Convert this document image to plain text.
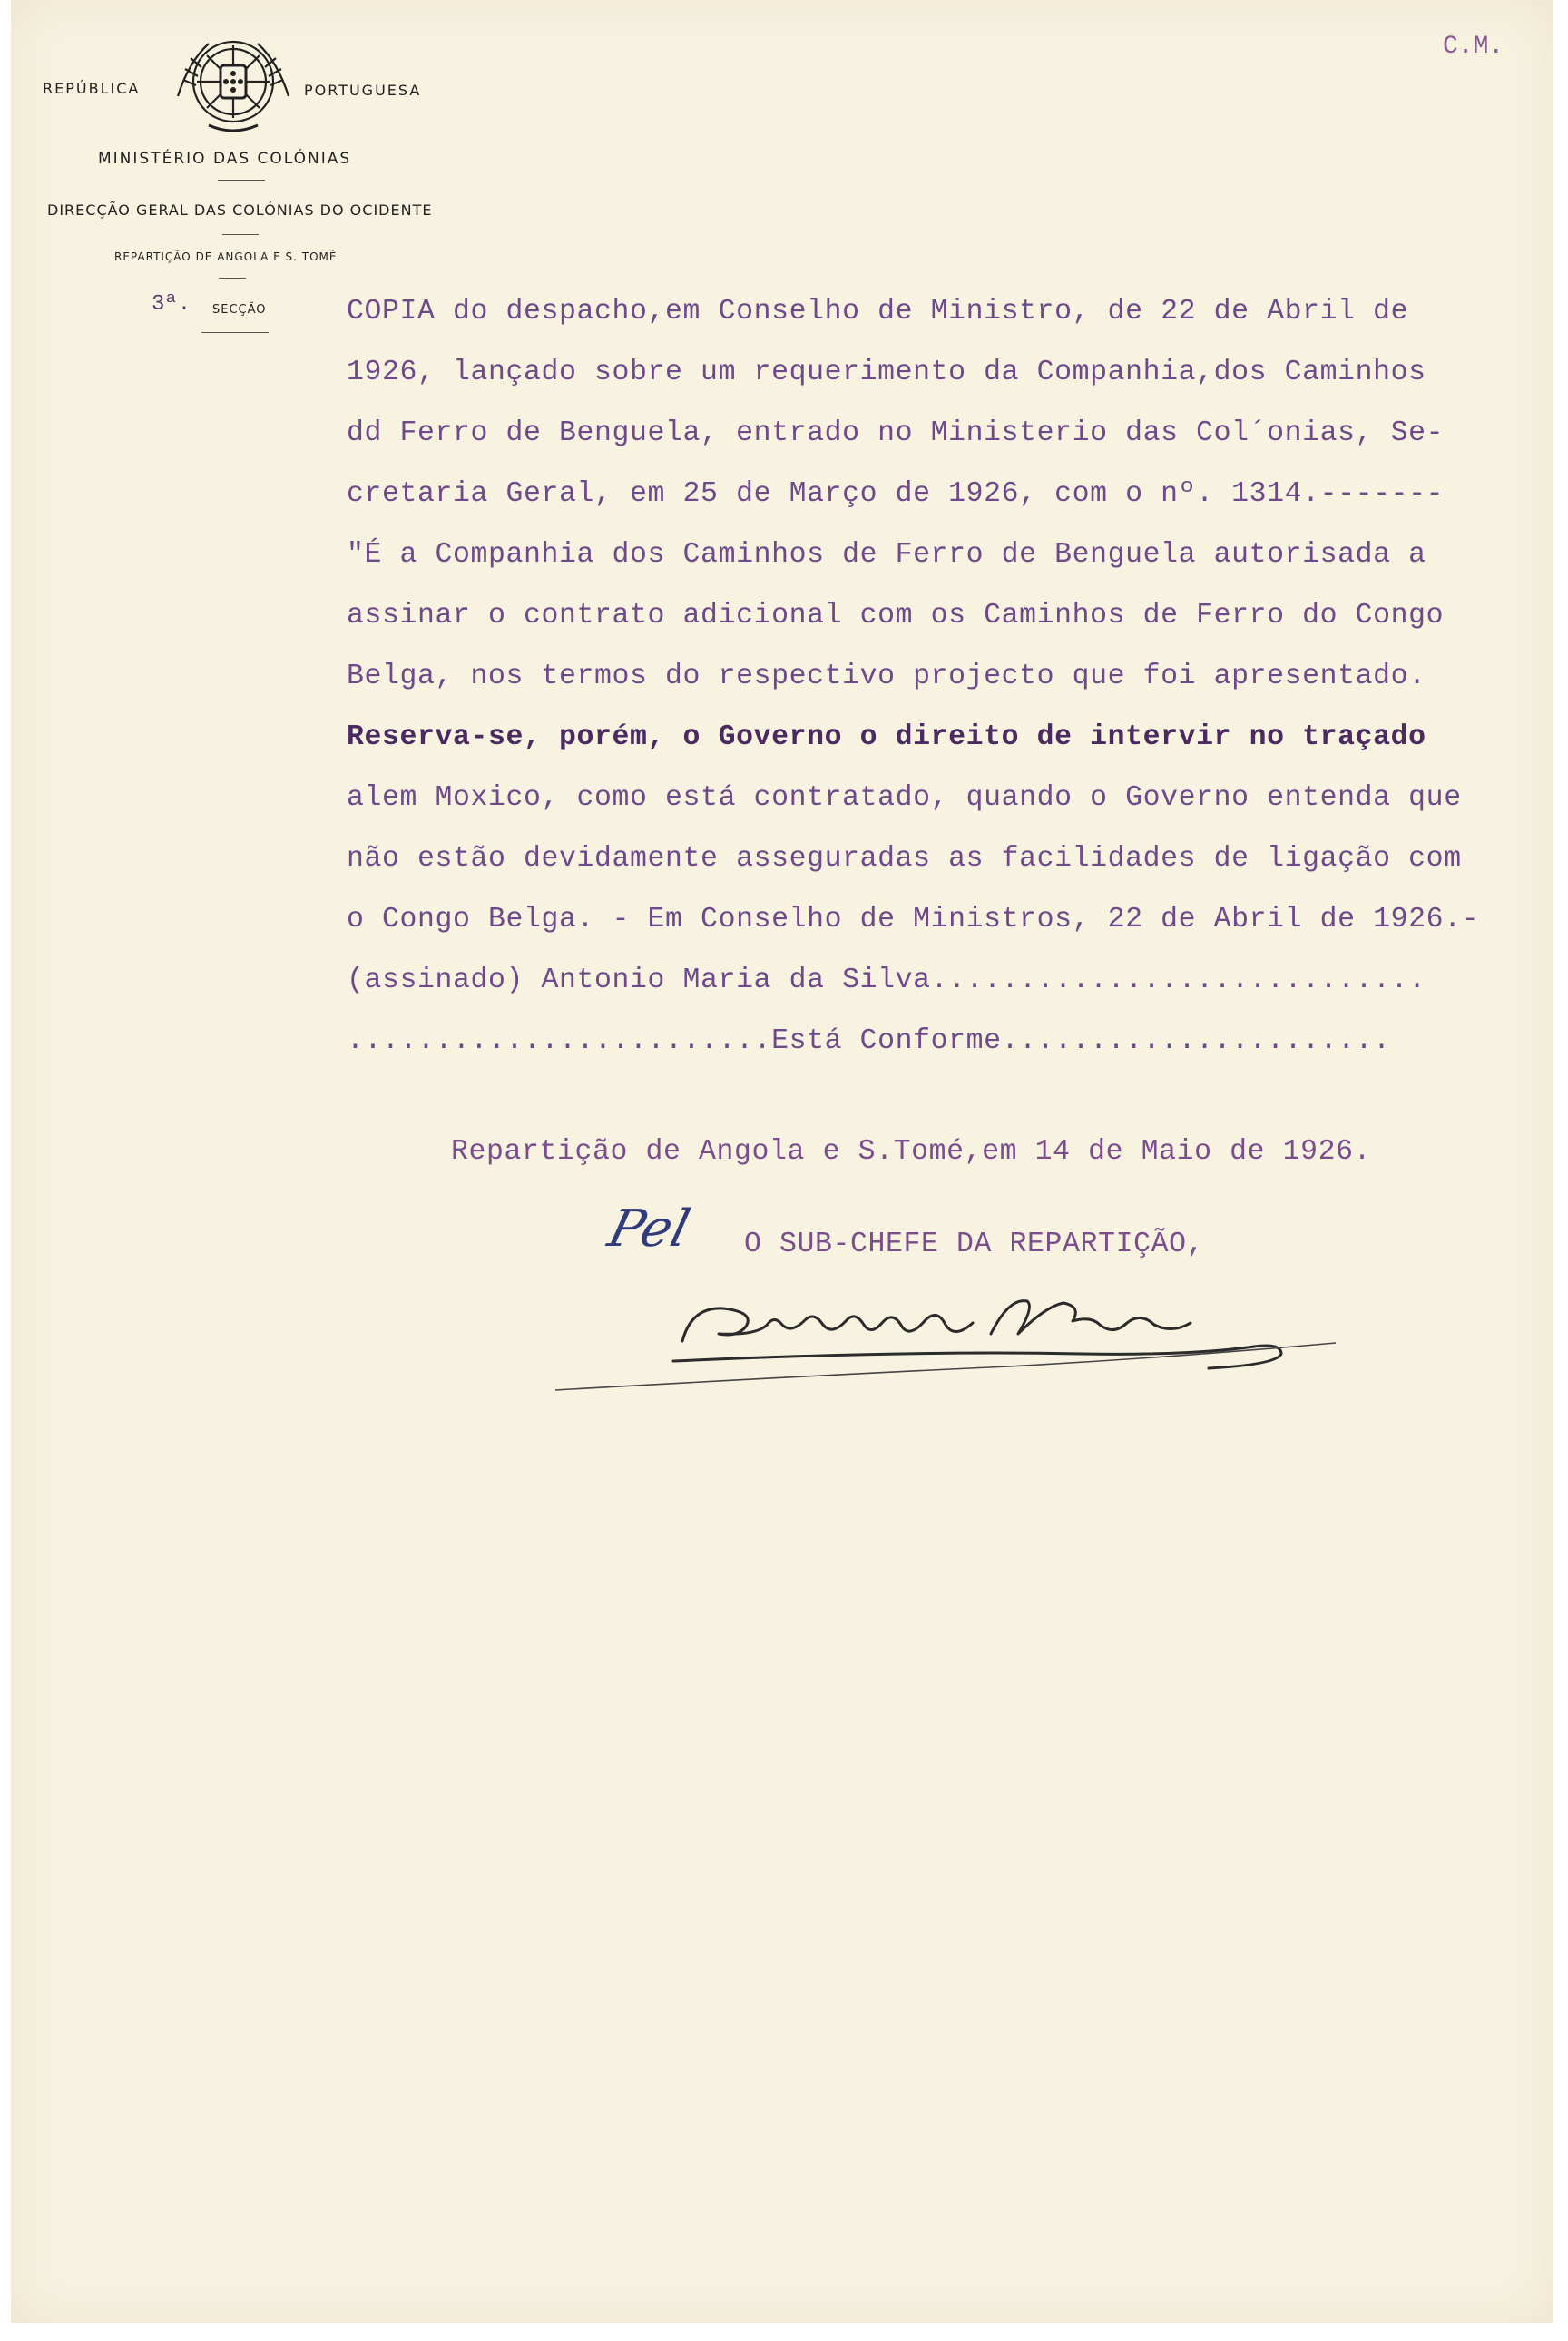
REPÚBLICA	PORTUGUESA
MINISTÉRIO DAS COLÓNIAS
DIRECÇÃO GERAL DAS COLÓNIAS DO OCIDENTE
REPARTIÇÃO DE ANGOLA E S. TOMÉ
3ª. SECÇÃO
C.M.
COPIA do despacho,em Conselho de Ministro, de 22 de Abril de
1926, lançado sobre um requerimento da Companhia,dos Caminhos
dd Ferro de Benguela, entrado no Ministerio das Col´onias, Se-
cretaria Geral, em 25 de Março de 1926, com o nº. 1314.-------
"É a Companhia dos Caminhos de Ferro de Benguela autorisada a
assinar o contrato adicional com os Caminhos de Ferro do Congo
Belga, nos termos do respectivo projecto que foi apresentado.
Reserva-se, porém, o Governo o direito de intervir no traçado
alem Moxico, como está contratado, quando o Governo entenda que
não estão devidamente asseguradas as facilidades de ligação com
o Congo Belga. - Em Conselho de Ministros, 22 de Abril de 1926.-
(assinado) Antonio Maria da Silva............................
........................Está Conforme......................
Repartição de Angola e S.Tomé,em 14 de Maio de 1926.
Pel O SUB-CHEFE DA REPARTIÇÃO,
